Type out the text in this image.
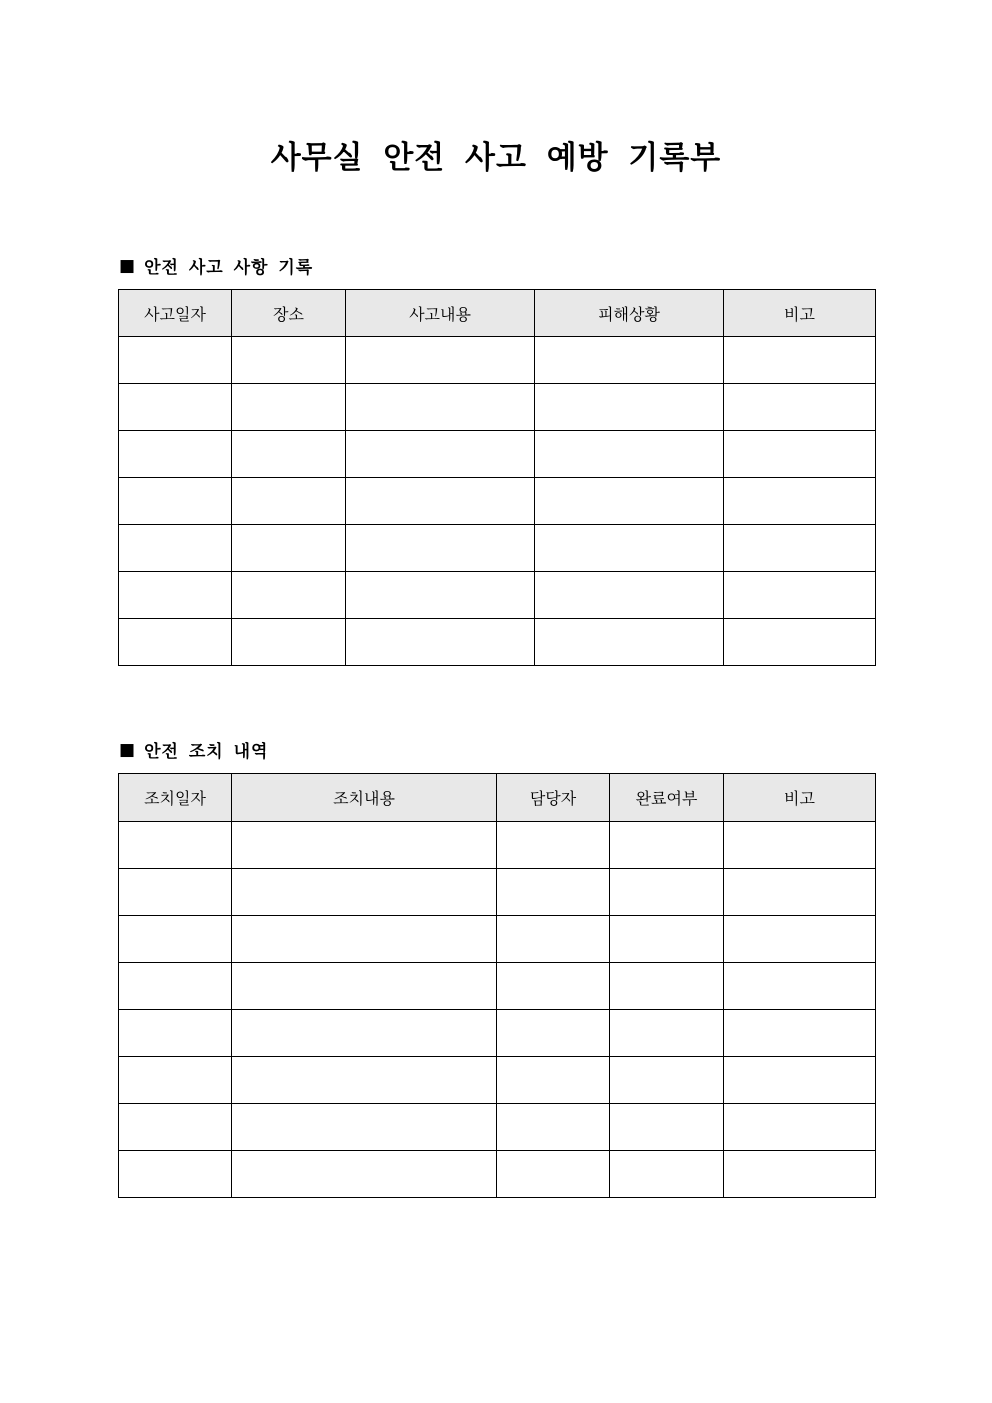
사무실 안전 사고 예방 기록부
■ 안전 사고 사항 기록
사고일자	장소	사고내용	피해상황	비고

■ 안전 조치 내역
조치일자	조치내용	담당자	완료여부	비고
